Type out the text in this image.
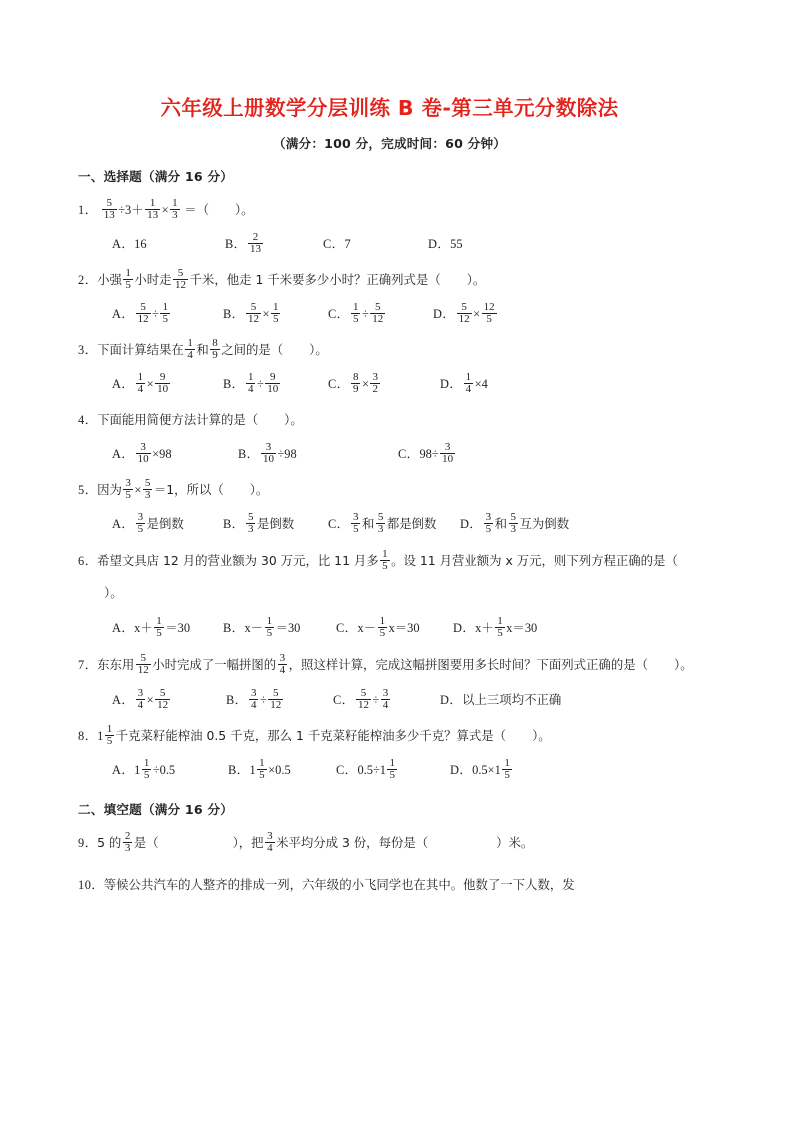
六年级上册数学分层训练 B 卷-第三单元分数除法
（满分：100 分，完成时间：60 分钟）
一、选择题（满分 16 分）
1． $\frac{5}{13} \div 3+ \frac{1}{13} \times \frac{1}{3}$ ＝（ ）。
A．16	B． $\frac{2}{13}$	C．7	D．55
2．小强 $\frac{1}{5}$ 小时走 $\frac{5}{12}$ 千米，他走 1 千米要多少小时？正确列式是（ ）。
A． $\frac{5}{12} \div \frac{1}{5}$	B． $\frac{5}{12} \times \frac{1}{5}$	C． $\frac{1}{5} \div \frac{5}{12}$	D． $\frac{5}{12} \times \frac{12}{5}$
3．下面计算结果在 $\frac{1}{4}$ 和 $\frac{8}{9}$ 之间的是（ ）。
A． $\frac{1}{4} \times \frac{9}{10}$	B． $\frac{1}{4} \div \frac{9}{10}$	C． $\frac{8}{9} \times \frac{3}{2}$	D． $\frac{1}{4} \times 4$
4．下面能用简便方法计算的是（ ）。
A． $\frac{3}{10} \times 98$	B． $\frac{3}{10} \div 98$	C．$98\div \frac{3}{10}$
5．因为 $\frac{3}{5} \times \frac{5}{3} =1$，所以（ ）。
A． $\frac{3}{5}$ 是倒数	B． $\frac{5}{3}$ 是倒数	C． $\frac{3}{5}$ 和 $\frac{5}{3}$ 都是倒数 D． $\frac{3}{5}$ 和 $\frac{5}{3}$ 互为倒数
6．希望文具店 12 月的营业额为 30 万元，比 11 月多 $\frac{1}{5}$ 。设 11 月营业额为 x 万元，则下列方程正确的是（）。
A．$x+ \frac{1}{5} =30$	B．$x- \frac{1}{5} =30$	C．$x- \frac{1}{5} x=30$	D．$x+ \frac{1}{5} x=30$
7．东东用 $\frac{5}{12}$ 小时完成了一幅拼图的 $\frac{3}{4}$ ，照这样计算，完成这幅拼图要用多长时间？下面列式正确的是（ ）。
A． $\frac{3}{4} \times \frac{5}{12}$	B． $\frac{3}{4} \div \frac{5}{12}$	C． $\frac{5}{12} \div \frac{3}{4}$	D．以上三项均不正确
8．$1 \frac{1}{5}$ 千克菜籽能榨油 0.5 千克，那么 1 千克菜籽能榨油多少千克？算式是（ ）。
A．$1 \frac{1}{5} \div 0.5$	B．$1 \frac{1}{5} \times 0.5$	C．$0.5\div 1 \frac{1}{5}$	D．$0.5\times 1 \frac{1}{5}$
二、填空题（满分 16 分）
9．5 的 $\frac{2}{3}$ 是（	），把 $\frac{3}{4}$ 米平均分成 3 份，每份是（	）米。
10．等候公共汽车的人整齐的排成一列，六年级的小飞同学也在其中。他数了一下人数，发
